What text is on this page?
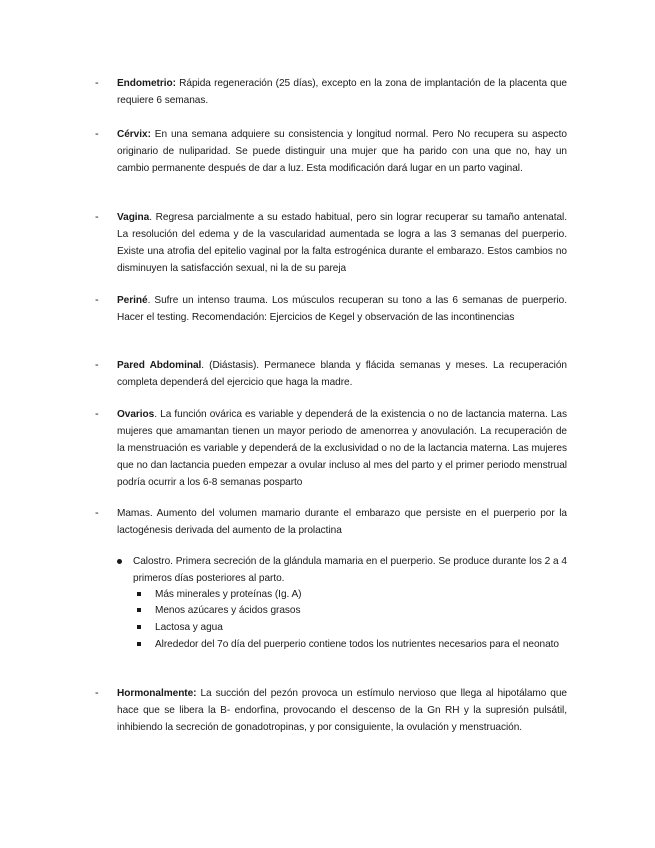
- Endometrio: Rápida regeneración (25 días), excepto en la zona de implantación de la placenta que requiere 6 semanas.
- Cérvix: En una semana adquiere su consistencia y longitud normal. Pero No recupera su aspecto originario de nuliparidad. Se puede distinguir una mujer que ha parido con una que no, hay un cambio permanente después de dar a luz. Esta modificación dará lugar en un parto vaginal.
- Vagina. Regresa parcialmente a su estado habitual, pero sin lograr recuperar su tamaño antenatal. La resolución del edema y de la vascularidad aumentada se logra a las 3 semanas del puerperio. Existe una atrofia del epitelio vaginal por la falta estrogénica durante el embarazo. Estos cambios no disminuyen la satisfacción sexual, ni la de su pareja
- Periné. Sufre un intenso trauma. Los músculos recuperan su tono a las 6 semanas de puerperio. Hacer el testing. Recomendación: Ejercicios de Kegel y observación de las incontinencias
- Pared Abdominal. (Diástasis). Permanece blanda y flácida semanas y meses. La recuperación completa dependerá del ejercicio que haga la madre.
- Ovarios. La función ovárica es variable y dependerá de la existencia o no de lactancia materna. Las mujeres que amamantan tienen un mayor periodo de amenorrea y anovulación. La recuperación de la menstruación es variable y dependerá de la exclusividad o no de la lactancia materna. Las mujeres que no dan lactancia pueden empezar a ovular incluso al mes del parto y el primer periodo menstrual podría ocurrir a los 6-8 semanas posparto
- Mamas. Aumento del volumen mamario durante el embarazo que persiste en el puerperio por la lactogénesis derivada del aumento de la prolactina
Calostro. Primera secreción de la glándula mamaria en el puerperio. Se produce durante los 2 a 4 primeros días posteriores al parto.
Más minerales y proteínas (Ig. A)
Menos azúcares y ácidos grasos
Lactosa y agua
Alrededor del 7o día del puerperio contiene todos los nutrientes necesarios para el neonato
- Hormonalmente: La succión del pezón provoca un estímulo nervioso que llega al hipotálamo que hace que se libera la B- endorfina, provocando el descenso de la Gn RH y la supresión pulsátil, inhibiendo la secreción de gonadotropinas, y por consiguiente, la ovulación y menstruación.
